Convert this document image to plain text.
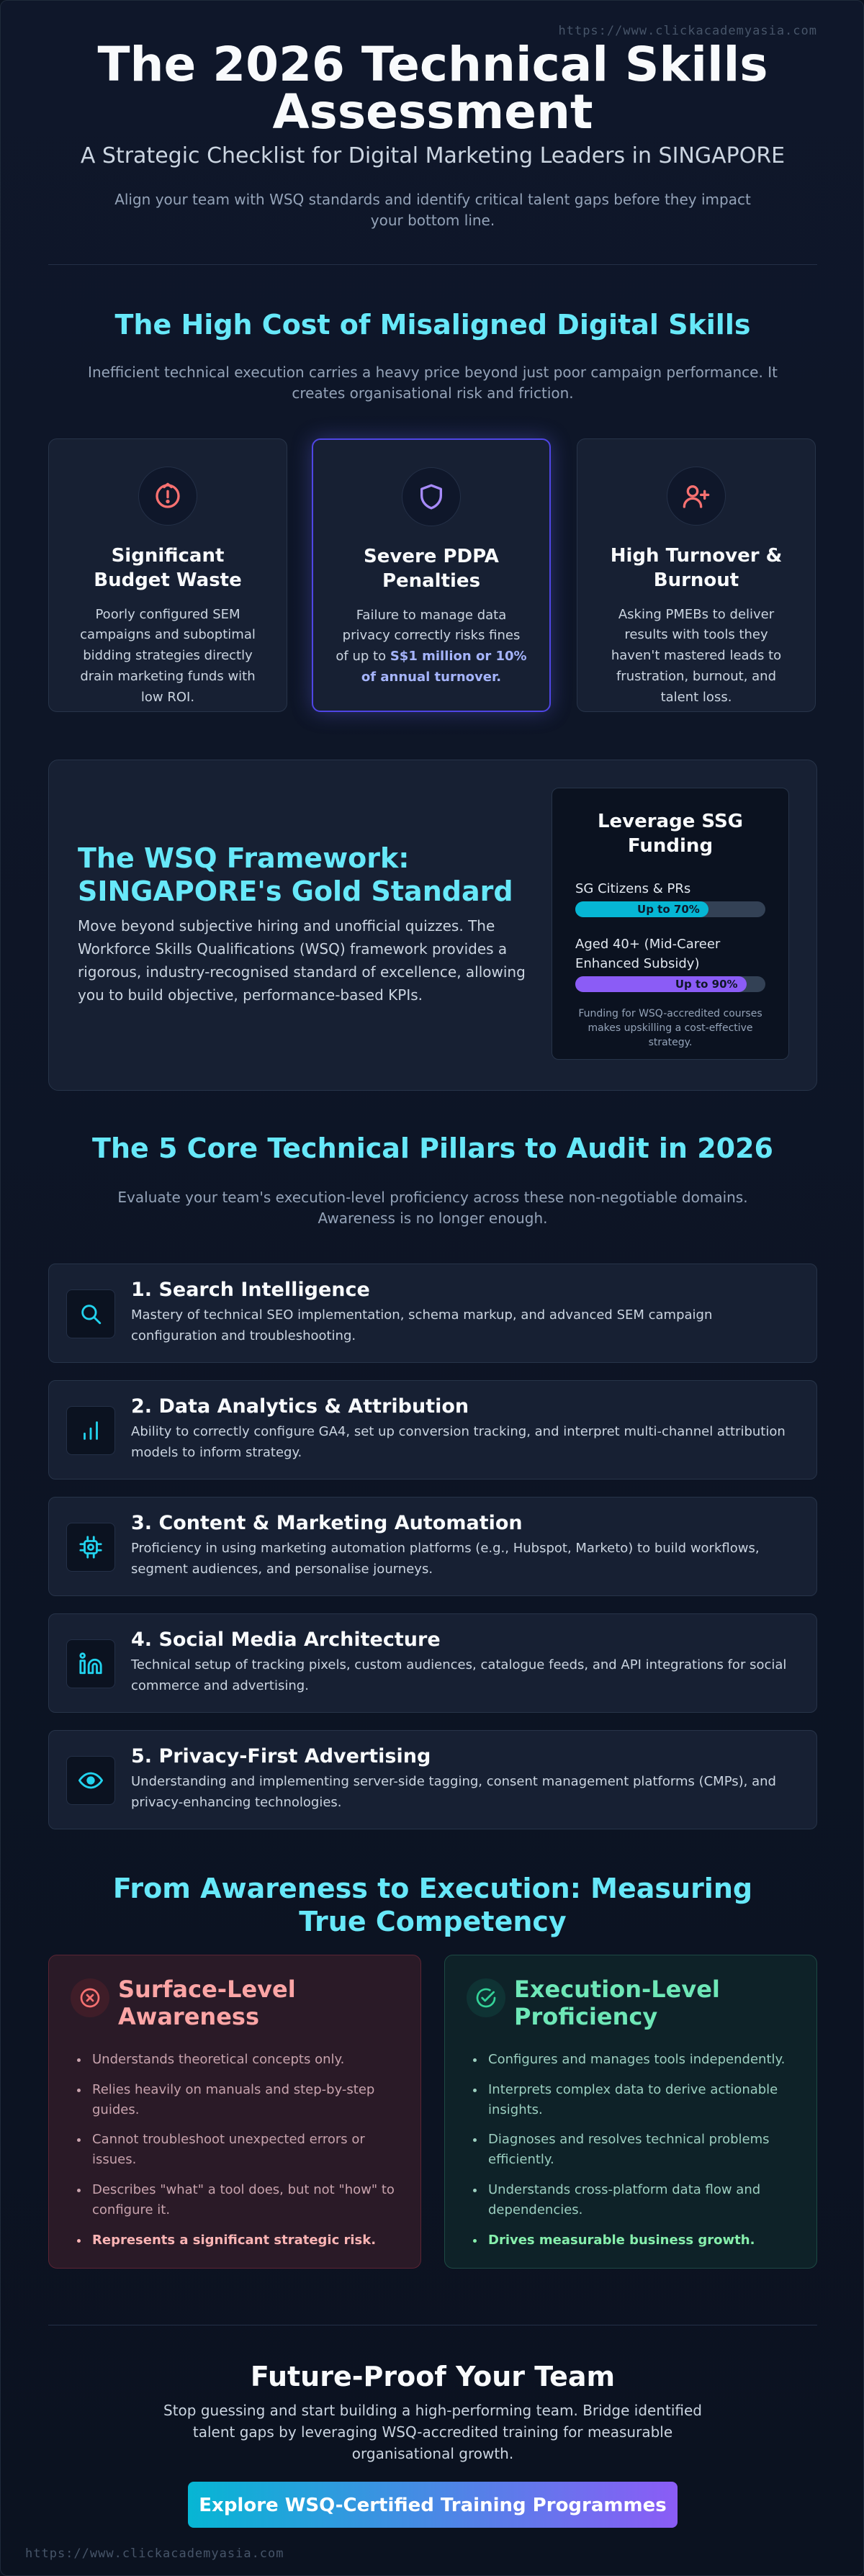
https://www.clickacademyasia.com
The 2026 Technical Skills Assessment
A Strategic Checklist for Digital Marketing Leaders in SINGAPORE
Align your team with WSQ standards and identify critical talent gaps before they impact your bottom line.
The High Cost of Misaligned Digital Skills
Inefficient technical execution carries a heavy price beyond just poor campaign performance. It creates organisational risk and friction.
Significant Budget Waste

Poorly configured SEM campaigns and suboptimal bidding strategies directly drain marketing funds with low ROI.

Severe PDPA Penalties

Failure to manage data privacy correctly risks fines of up to S$1 million or 10% of annual turnover.

High Turnover & Burnout

Asking PMEBs to deliver results with tools they haven't mastered leads to frustration, burnout, and talent loss.

The WSQ Framework: SINGAPORE's Gold Standard
Move beyond subjective hiring and unofficial quizzes. The Workforce Skills Qualifications (WSQ) framework provides a rigorous, industry-recognised standard of excellence, allowing you to build objective, performance-based KPIs.
Leverage SSG Funding
SG Citizens & PRs
Up to 70%
Aged 40+ (Mid-Career Enhanced Subsidy)
Up to 90%
Funding for WSQ-accredited courses makes upskilling a cost-effective strategy.
The 5 Core Technical Pillars to Audit in 2026
Evaluate your team's execution-level proficiency across these non-negotiable domains. Awareness is no longer enough.
1. Search Intelligence

Mastery of technical SEO implementation, schema markup, and advanced SEM campaign configuration and troubleshooting.

2. Data Analytics & Attribution

Ability to correctly configure GA4, set up conversion tracking, and interpret multi-channel attribution models to inform strategy.

3. Content & Marketing Automation

Proficiency in using marketing automation platforms (e.g., Hubspot, Marketo) to build workflows, segment audiences, and personalise journeys.

4. Social Media Architecture

Technical setup of tracking pixels, custom audiences, catalogue feeds, and API integrations for social commerce and advertising.

5. Privacy-First Advertising

Understanding and implementing server-side tagging, consent management platforms (CMPs), and privacy-enhancing technologies.

From Awareness to Execution: Measuring True Competency
Surface-Level Awareness
• Understands theoretical concepts only.
• Relies heavily on manuals and step-by-step guides.
• Cannot troubleshoot unexpected errors or issues.
• Describes "what" a tool does, but not "how" to configure it.
• Represents a significant strategic risk.
Execution-Level Proficiency
• Configures and manages tools independently.
• Interprets complex data to derive actionable insights.
• Diagnoses and resolves technical problems efficiently.
• Understands cross-platform data flow and dependencies.
• Drives measurable business growth.
Future-Proof Your Team
Stop guessing and start building a high-performing team. Bridge identified talent gaps by leveraging WSQ-accredited training for measurable organisational growth.
Explore WSQ-Certified Training Programmes
https://www.clickacademyasia.com
